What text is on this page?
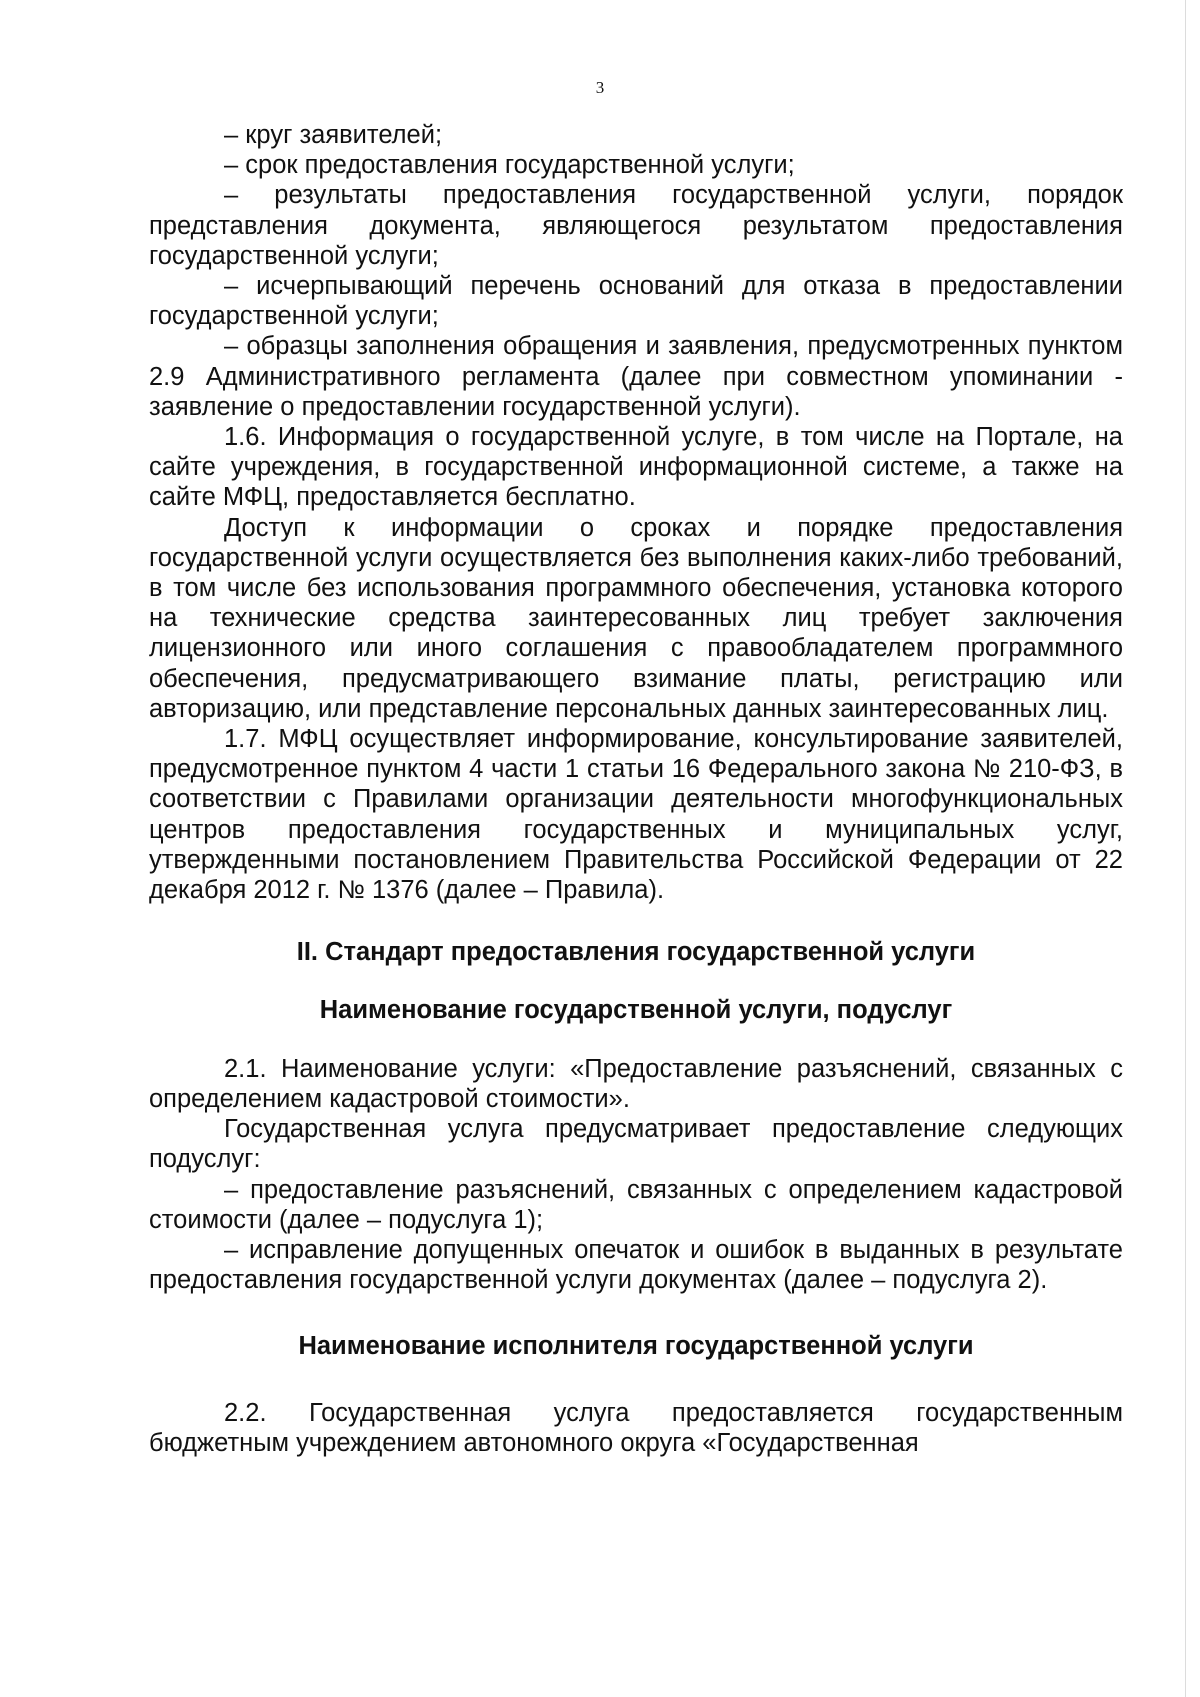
3

– круг заявителей;

– срок предоставления государственной услуги;

– результаты предоставления государственной услуги, порядок представления документа, являющегося результатом предоставления государственной услуги;

– исчерпывающий перечень оснований для отказа в предоставлении государственной услуги;

– образцы заполнения обращения и заявления, предусмотренных пунктом 2.9 Административного регламента (далее при совместном упоминании - заявление о предоставлении государственной услуги).

1.6. Информация о государственной услуге, в том числе на Портале, на сайте учреждения, в государственной информационной системе, а также на сайте МФЦ, предоставляется бесплатно.

Доступ к информации о сроках и порядке предоставления государственной услуги осуществляется без выполнения каких-либо требований, в том числе без использования программного обеспечения, установка которого на технические средства заинтересованных лиц требует заключения лицензионного или иного соглашения с правообладателем программного обеспечения, предусматривающего взимание платы, регистрацию или авторизацию, или представление персональных данных заинтересованных лиц.

1.7. МФЦ осуществляет информирование, консультирование заявителей, предусмотренное пунктом 4 части 1 статьи 16 Федерального закона № 210-ФЗ, в соответствии с Правилами организации деятельности многофункциональных центров предоставления государственных и муниципальных услуг, утвержденными постановлением Правительства Российской Федерации от 22 декабря 2012 г. № 1376 (далее – Правила).

II. Стандарт предоставления государственной услуги

Наименование государственной услуги, подуслуг

2.1. Наименование услуги: «Предоставление разъяснений, связанных с определением кадастровой стоимости».

Государственная услуга предусматривает предоставление следующих подуслуг:

– предоставление разъяснений, связанных с определением кадастровой стоимости (далее – подуслуга 1);

– исправление допущенных опечаток и ошибок в выданных в результате предоставления государственной услуги документах (далее – подуслуга 2).

Наименование исполнителя государственной услуги

2.2. Государственная услуга предоставляется государственным бюджетным учреждением автономного округа «Государственная
